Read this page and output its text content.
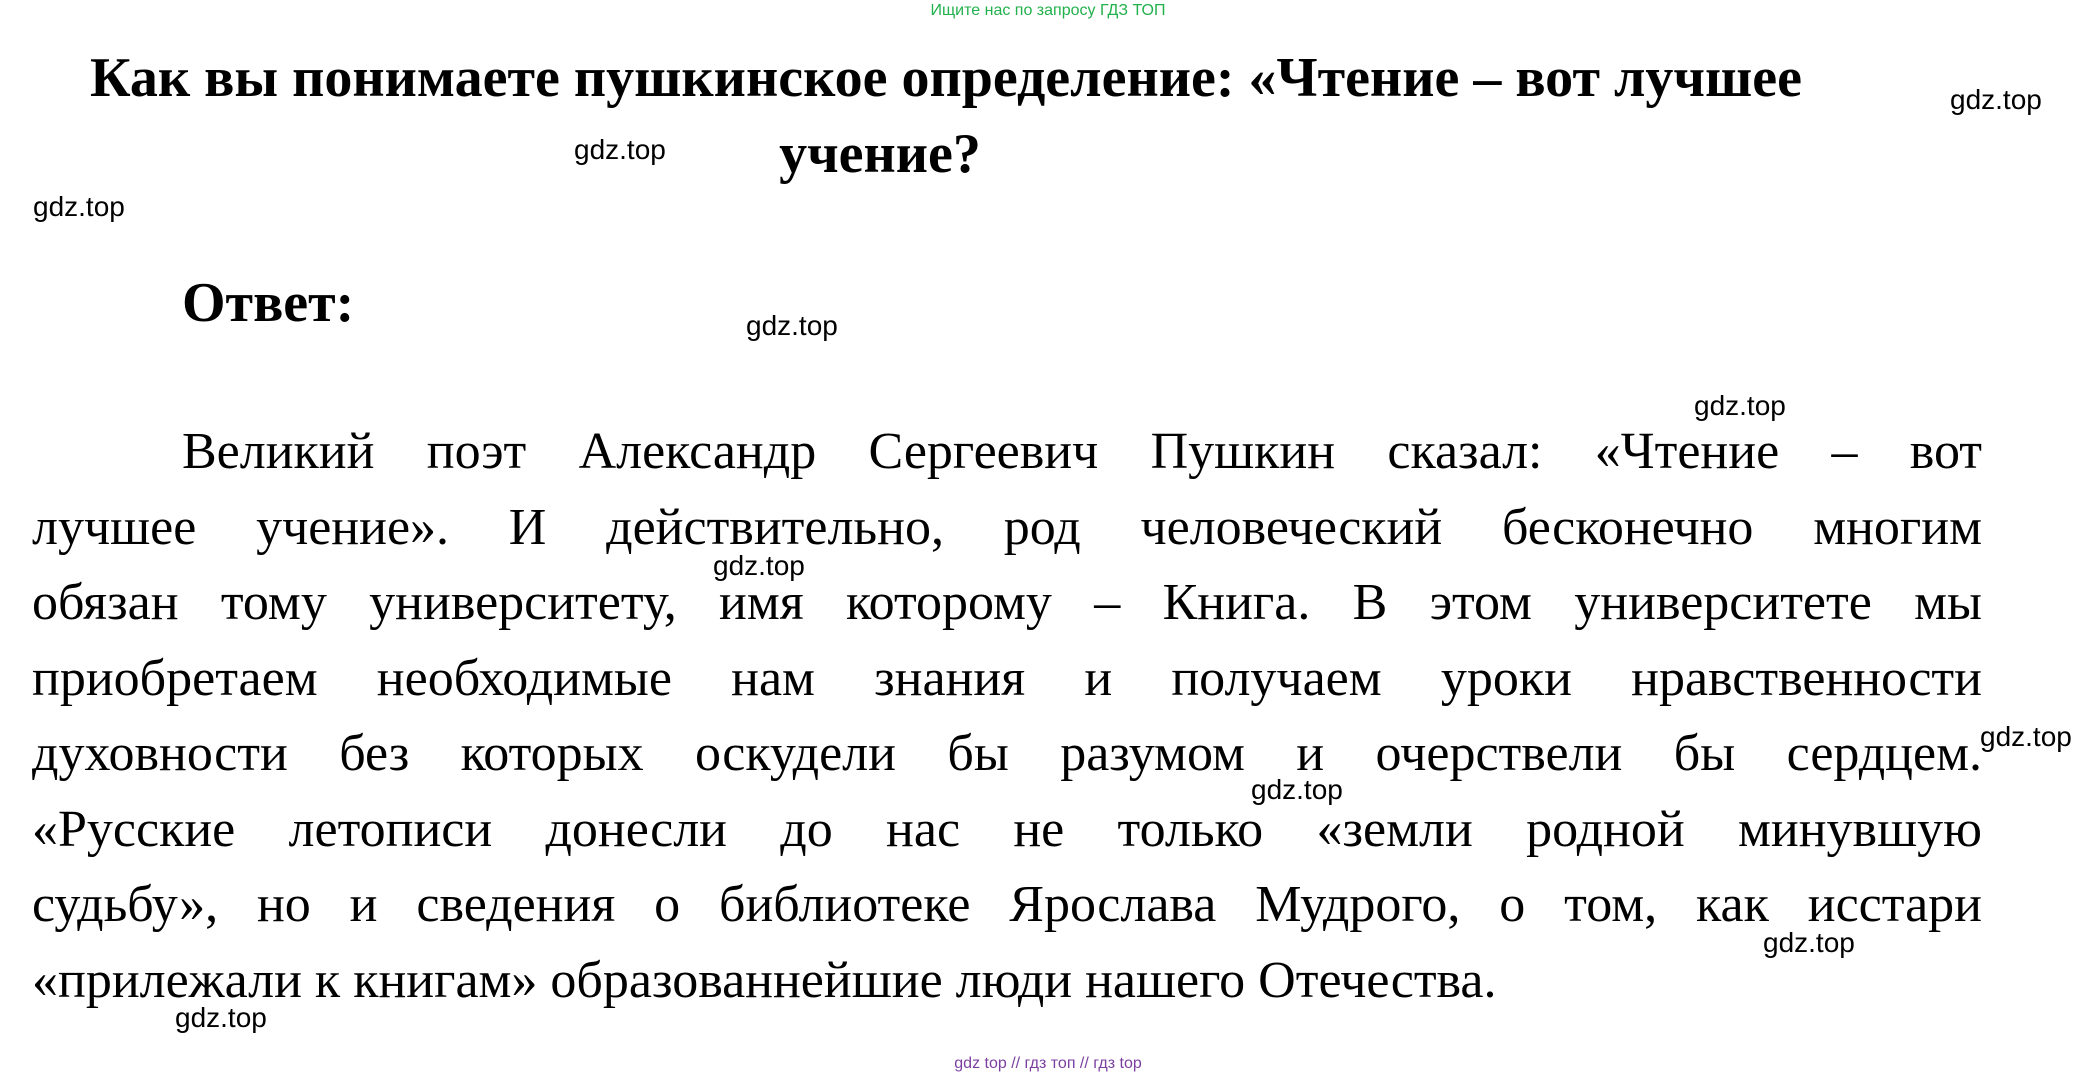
Ищите нас по запросу ГДЗ ТОП
Как вы понимаете пушкинское определение: «Чтение – вот лучшее
учение?
Ответ:
Великий поэт Александр Сергеевич Пушкин сказал: «Чтение – вот
лучшее учение». И действительно, род человеческий бесконечно многим
обязан тому университету, имя которому – Книга. В этом университете мы
приобретаем необходимые нам знания и получаем уроки нравственности
духовности без которых оскудели бы разумом и очерствели бы сердцем.
«Русские летописи донесли до нас не только «земли родной минувшую
судьбу», но и сведения о библиотеке Ярослава Мудрого, о том, как исстари
«прилежали к книгам» образованнейшие люди нашего Отечества.
gdz.top
gdz.top
gdz.top
gdz.top
gdz.top
gdz.top
gdz.top
gdz.top
gdz.top
gdz.top
gdz top // гдз топ // гдз top
